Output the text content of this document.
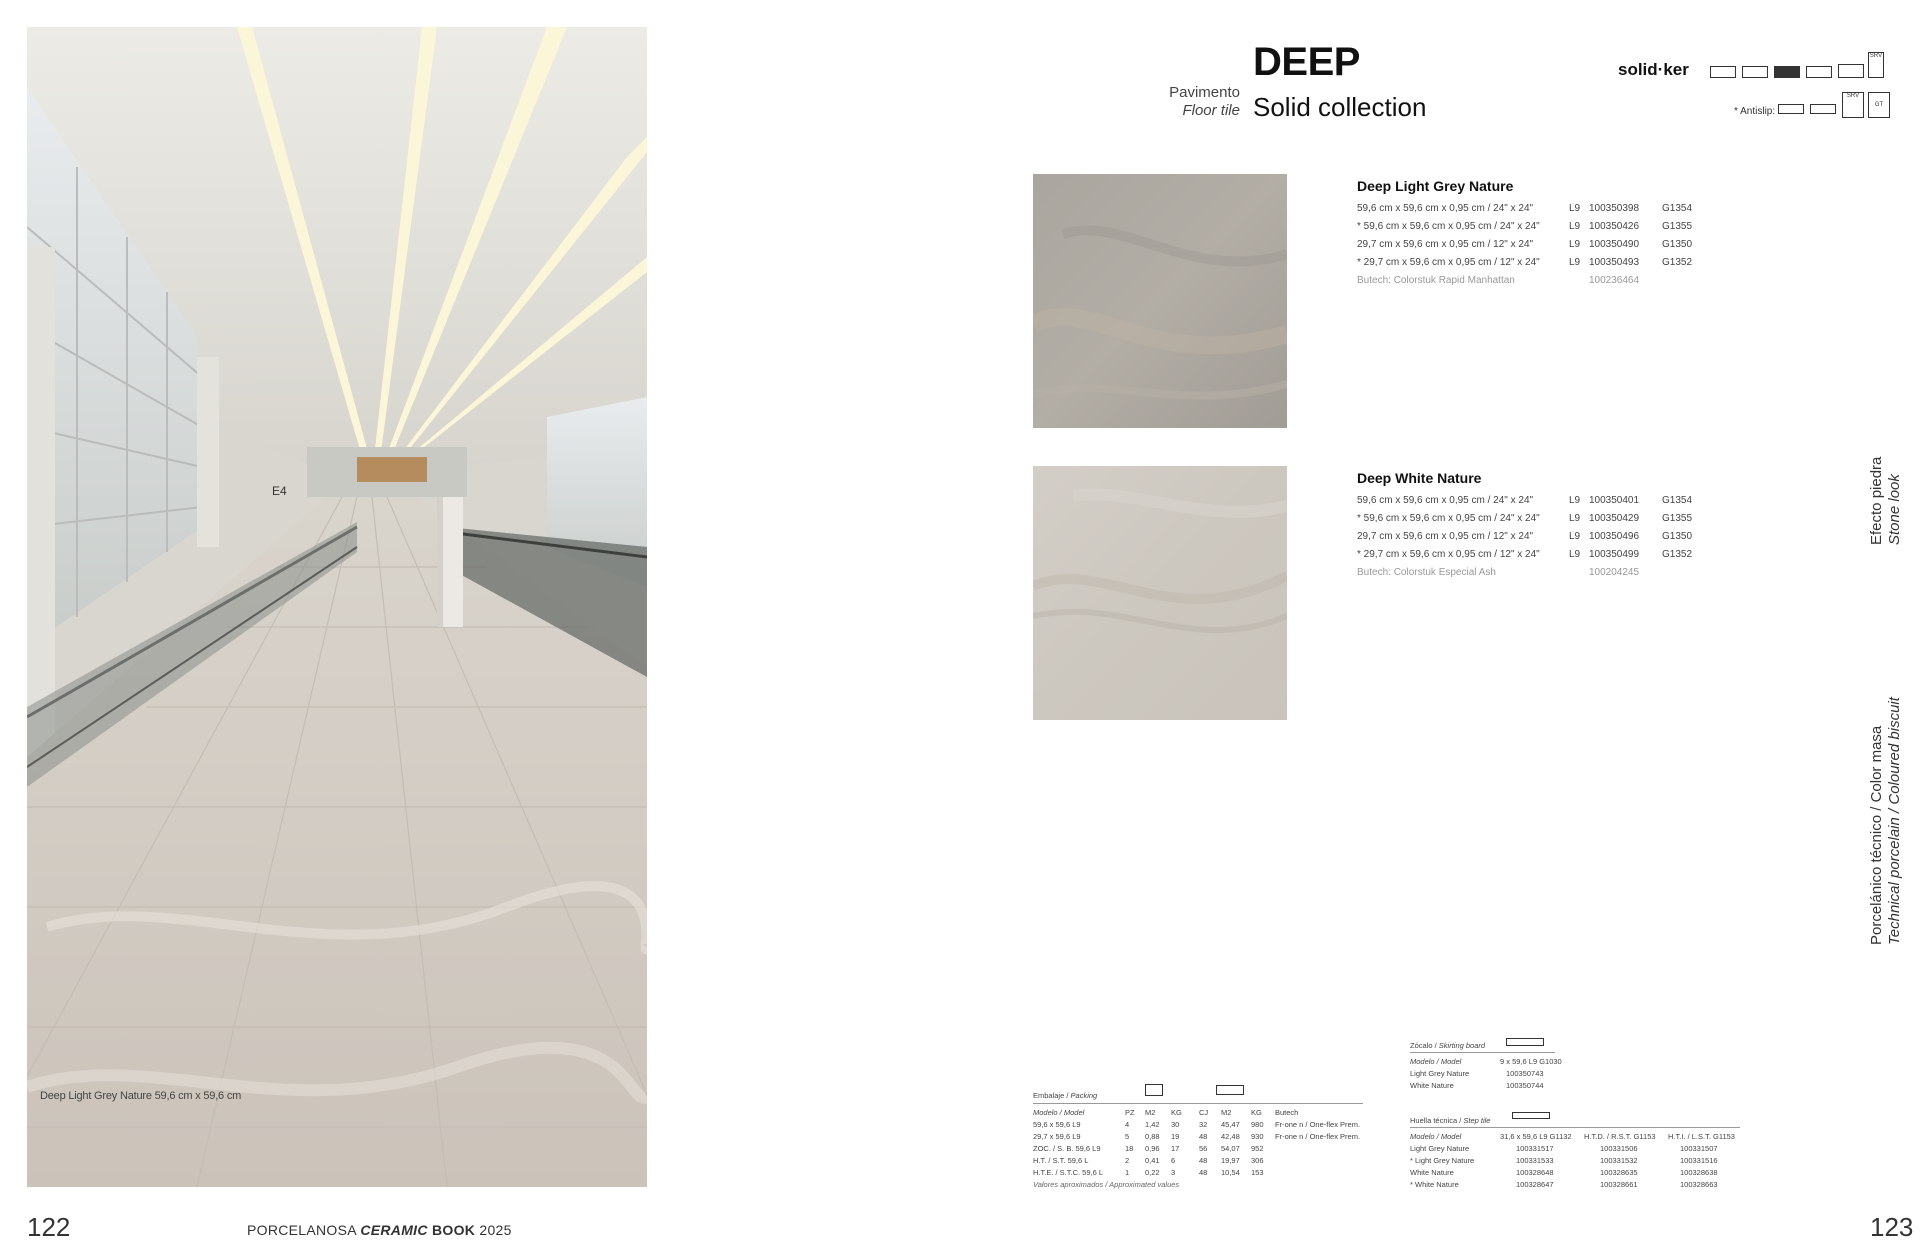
E4
Deep Light Grey Nature 59,6 cm x 59,6 cm
122	PORCELANOSA CERAMIC BOOK 2025
Pavimento
Floor tile
DEEP
Solid collection
solid·ker
SRV
* Antislip:
SRV
GT
Deep Light Grey Nature
59,6 cm x 59,6 cm x 0,95 cm / 24" x 24"	L9	100350398	G1354
* 59,6 cm x 59,6 cm x 0,95 cm / 24" x 24"	L9	100350426	G1355
29,7 cm x 59,6 cm x 0,95 cm / 12" x 24"	L9	100350490	G1350
* 29,7 cm x 59,6 cm x 0,95 cm / 12" x 24"	L9	100350493	G1352
Butech: Colorstuk Rapid Manhattan		100236464	
Deep White Nature
59,6 cm x 59,6 cm x 0,95 cm / 24" x 24"	L9	100350401	G1354
* 59,6 cm x 59,6 cm x 0,95 cm / 24" x 24"	L9	100350429	G1355
29,7 cm x 59,6 cm x 0,95 cm / 12" x 24"	L9	100350496	G1350
* 29,7 cm x 59,6 cm x 0,95 cm / 12" x 24"	L9	100350499	G1352
Butech: Colorstuk Especial Ash		100204245	
Efecto piedra Stone look
Porcelánico técnico / Color masa Technical porcelain / Coloured biscuit
Embalaje / Packing
Modelo / Model	PZ	M2	KG	CJ	M2	KG	Butech
59,6 x 59,6 L9	4	1,42	30	32	45,47	980	Fr-one n / One-flex Prem.
29,7 x 59,6 L9	5	0,88	19	48	42,48	930	Fr-one n / One-flex Prem.
ZOC. / S. B. 59,6 L9	18	0,96	17	56	54,07	952	
H.T. / S.T. 59,6 L	2	0,41	6	48	19,97	306	
H.T.E. / S.T.C. 59,6 L	1	0,22	3	48	10,54	153	
Valores aproximados / Approximated values
Zócalo / Skirting board
Modelo / Model	9 x 59,6 L9 G1030
Light Grey Nature	100350743
White Nature	100350744
Huella técnica / Step tile
Modelo / Model	31,6 x 59,6 L9 G1132	H.T.D. / R.S.T. G1153	H.T.I. / L.S.T. G1153
Light Grey Nature	100331517	100331506	100331507
* Light Grey Nature	100331533	100331532	100331516
White Nature	100328648	100328635	100328638
* White Nature	100328647	100328661	100328663
123
